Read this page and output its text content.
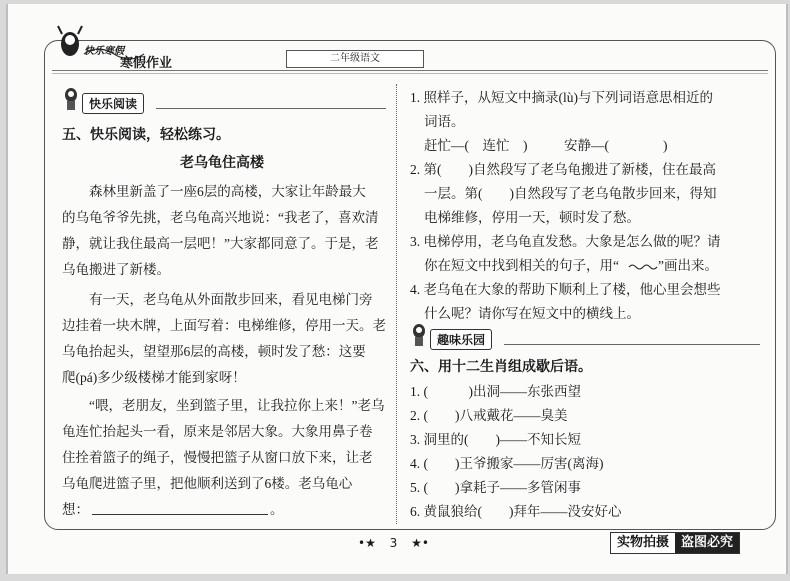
快乐寒假
寒假作业	二年级语文
快乐阅读
五、快乐阅读，轻松练习。
老乌龟住高楼
　　森林里新盖了一座6层的高楼，大家让年龄最大
的乌龟爷爷先挑，老乌龟高兴地说：“我老了，喜欢清
静，就让我住最高一层吧！”大家都同意了。于是，老
乌龟搬进了新楼。
　　有一天，老乌龟从外面散步回来，看见电梯门旁
边挂着一块木牌，上面写着：电梯维修，停用一天。老
乌龟抬起头，望望那6层的高楼，顿时发了愁：这要
爬(pá)多少级楼梯才能到家呀！
　　“喂，老朋友，坐到篮子里，让我拉你上来！”老乌
龟连忙抬起头一看，原来是邻居大象。大象用鼻子卷
住拴着篮子的绳子，慢慢把篮子从窗口放下来，让老
乌龟爬进篮子里，把他顺利送到了6楼。老乌龟心
想：	。
1. 照样子，从短文中摘录(lù)与下列词语意思相近的
词语。
赶忙—(　连忙　)	安静—(　　　　)
2. 第(　　)自然段写了老乌龟搬进了新楼，住在最高
一层。第(　　)自然段写了老乌龟散步回来，得知
电梯维修，停用一天，顿时发了愁。
3. 电梯停用，老乌龟直发愁。大象是怎么做的呢？请
你在短文中找到相关的句子，用“	”画出来。
4. 老乌龟在大象的帮助下顺利上了楼，他心里会想些
什么呢？请你写在短文中的横线上。
趣味乐园
六、用十二生肖组成歇后语。
1. (　　　)出洞——东张西望
2. (　　)八戒戴花——臭美
3. 洞里的(　　)——不知长短
4. (　　)王爷搬家——厉害(离海)
5. (　　)拿耗子——多管闲事
6. 黄鼠狼给(　　)拜年——没安好心
•★ 3 ★•	实物拍摄 盗图必究
